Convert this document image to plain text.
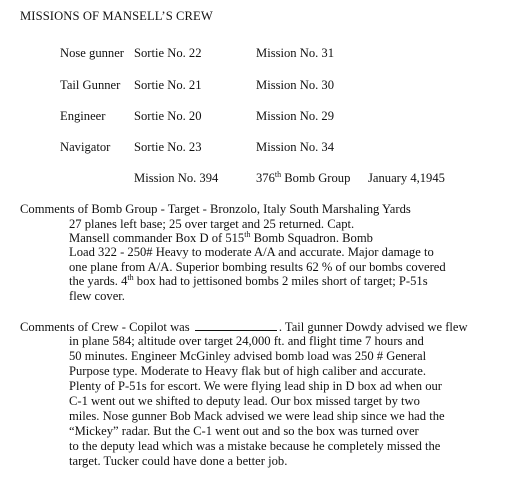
MISSIONS OF MANSELL’S CREW
Nose gunner Sortie No. 22	Mission No. 31
Tail Gunner Sortie No. 21	Mission No. 30
Engineer Sortie No. 20	Mission No. 29
Navigator Sortie No. 23	Mission No. 34

Mission No. 394	376th Bomb Group January 4,1945
Comments of Bomb Group - Target - Bronzolo, Italy South Marshaling Yards
27 planes left base; 25 over target and 25 returned. Capt.
Mansell commander Box D of 515th Bomb Squadron. Bomb
Load 322 - 250# Heavy to moderate A/A and accurate. Major damage to
one plane from A/A. Superior bombing results 62 % of our bombs covered
the yards. 4th box had to jettisoned bombs 2 miles short of target; P-51s
flew cover.
Comments of Crew - Copilot was	. Tail gunner Dowdy advised we flew
in plane 584; altitude over target 24,000 ft. and flight time 7 hours and
50 minutes. Engineer McGinley advised bomb load was 250 # General
Purpose type. Moderate to Heavy flak but of high caliber and accurate.
Plenty of P-51s for escort. We were flying lead ship in D box ad when our
C-1 went out we shifted to deputy lead. Our box missed target by two
miles. Nose gunner Bob Mack advised we were lead ship since we had the
“Mickey” radar. But the C-1 went out and so the box was turned over
to the deputy lead which was a mistake because he completely missed the
target. Tucker could have done a better job.
